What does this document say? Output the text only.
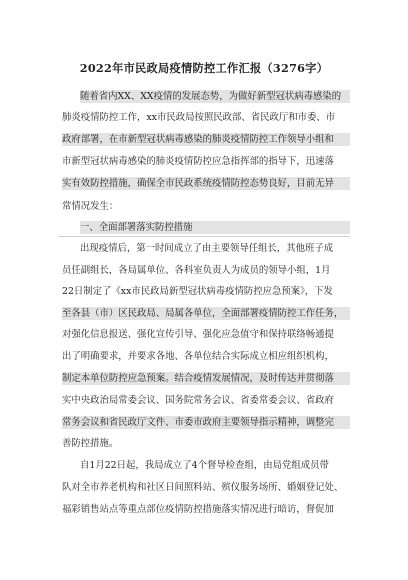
2022年市民政局疫情防控工作汇报（3276字）
随着省内XX、XX疫情的发展态势，为做好新型冠状病毒感染的
肺炎疫情防控工作，xx市民政局按照民政部、省民政厅和市委、市
政府部署，在市新型冠状病毒感染的肺炎疫情防控工作领导小组和
市新型冠状病毒感染的肺炎疫情防控应急指挥部的指导下，迅速落
实有效防控措施，确保全市民政系统疫情防控态势良好，目前无异
常情况发生：
一、全面部署落实防控措施
出现疫情后，第一时间成立了由主要领导任组长，其他班子成
员任副组长，各局属单位、各科室负责人为成员的领导小组，1月
22日制定了《xx市民政局新型冠状病毒疫情防控应急预案》，下发
至各县（市）区民政局、局属各单位，全面部署疫情防控工作任务，
对强化信息报送、强化宣传引导、强化应急值守和保持联络畅通提
出了明确要求，并要求各地、各单位结合实际成立相应组织机构，
制定本单位防控应急预案。结合疫情发展情况，及时传达并贯彻落
实中央政治局常委会议、国务院常务会议、省委常委会议、省政府
常务会议和省民政厅文件、市委市政府主要领导指示精神，调整完
善防控措施。
自1月22日起，我局成立了4个督导检查组，由局党组成员带
队对全市养老机构和社区日间照料站、殡仪服务场所、婚姻登记处、
福彩销售站点等重点部位疫情防控措施落实情况进行暗访，督促加
